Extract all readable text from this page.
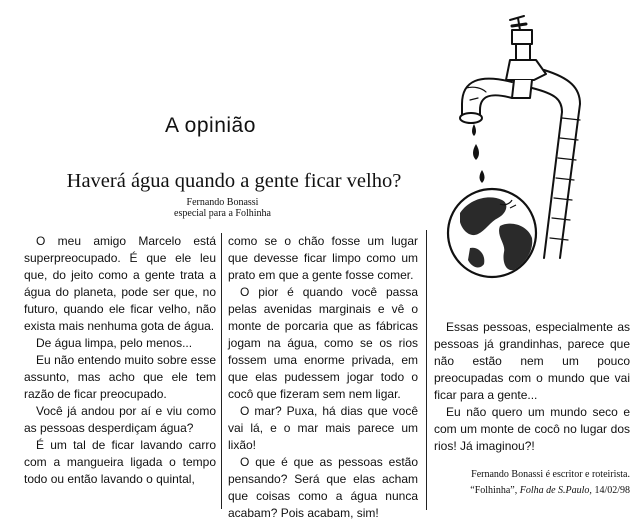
A opinião
Haverá água quando a gente ficar velho?
Fernando Bonassi
especial para a Folhinha

O meu amigo Marcelo está superpreocupado. É que ele leu que, do jeito como a gente trata a água do planeta, pode ser que, no futuro, quando ele ficar velho, não exista mais nenhuma gota de água.

De água limpa, pelo menos...

Eu não entendo muito sobre esse assunto, mas acho que ele tem razão de ficar preocupado.

Você já andou por aí e viu como as pessoas desperdiçam água?

É um tal de ficar lavando carro com a mangueira ligada o tempo todo ou então lavando o quintal,

como se o chão fosse um lugar que devesse ficar limpo como um prato em que a gente fosse comer.

O pior é quando você passa pelas avenidas marginais e vê o monte de porcaria que as fábricas jogam na água, como se os rios fossem uma enorme privada, em que elas pudessem jogar todo o cocô que fizeram sem nem ligar.

O mar? Puxa, há dias que você vai lá, e o mar mais parece um lixão!

O que é que as pessoas estão pensando? Será que elas acham que coisas como a água nunca acabam? Pois acabam, sim!

Essas pessoas, especialmente as pessoas já grandinhas, parece que não estão nem um pouco preocupadas com o mundo que vai ficar para a gente...

Eu não quero um mundo seco e com um monte de cocô no lugar dos rios! Já imaginou?!

Fernando Bonassi é escritor e roteirista.
“Folhinha”, Folha de S.Paulo, 14/02/98
